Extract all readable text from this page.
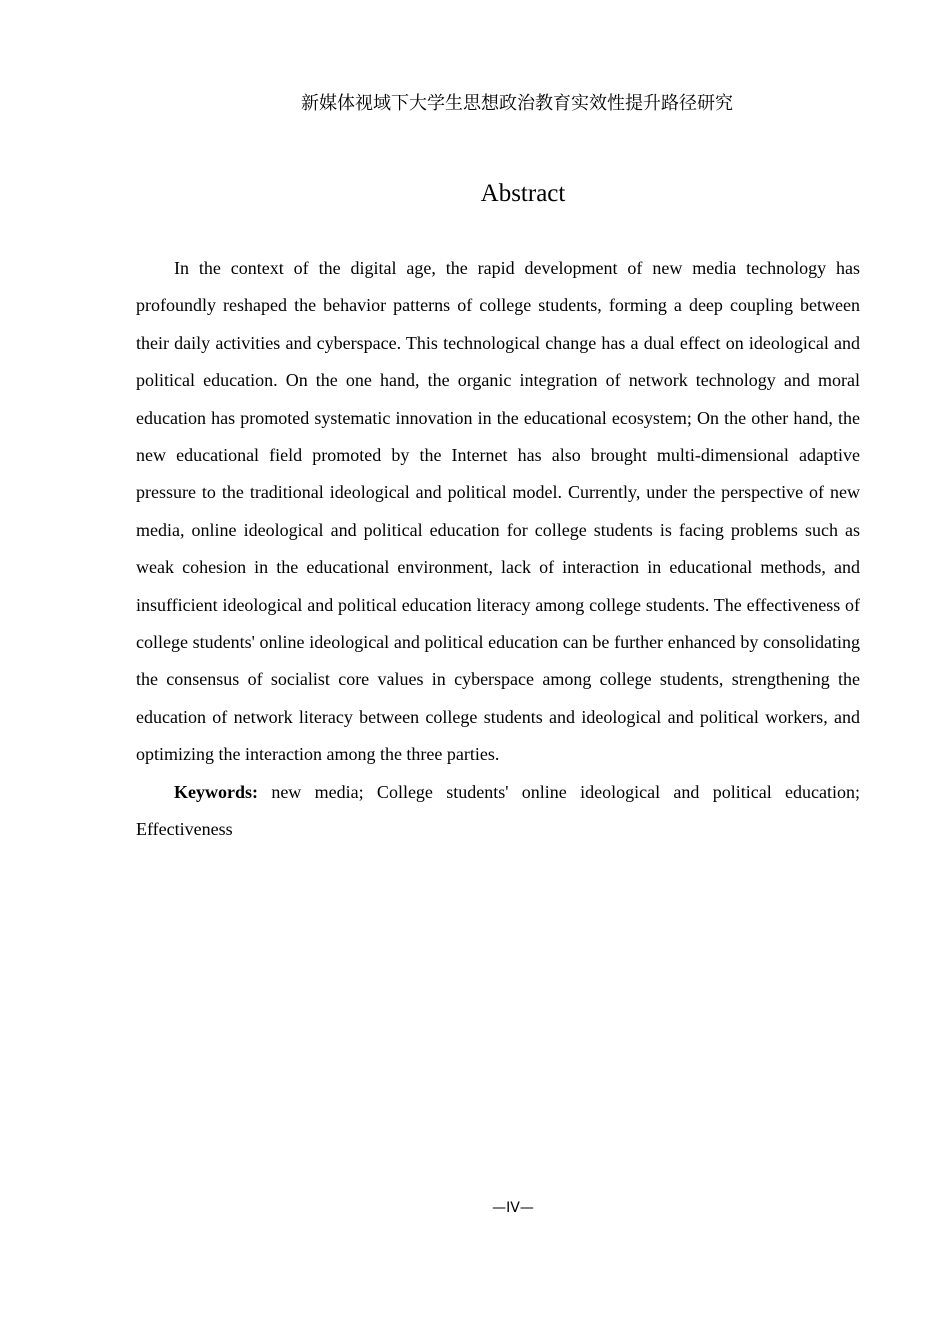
新媒体视域下大学生思想政治教育实效性提升路径研究
Abstract

In the context of the digital age, the rapid development of new media technology has profoundly reshaped the behavior patterns of college students, forming a deep coupling between their daily activities and cyberspace. This technological change has a dual effect on ideological and political education. On the one hand, the organic integration of network technology and moral education has promoted systematic innovation in the educational ecosystem; On the other hand, the new educational field promoted by the Internet has also brought multi-dimensional adaptive pressure to the traditional ideological and political model. Currently, under the perspective of new media, online ideological and political education for college students is facing problems such as weak cohesion in the educational environment, lack of interaction in educational methods, and insufficient ideological and political education literacy among college students. The effectiveness of college students' online ideological and political education can be further enhanced by consolidating the consensus of socialist core values in cyberspace among college students, strengthening the education of network literacy between college students and ideological and political workers, and optimizing the interaction among the three parties.

Keywords: new media; College students' online ideological and political education; Effectiveness

—IV—
